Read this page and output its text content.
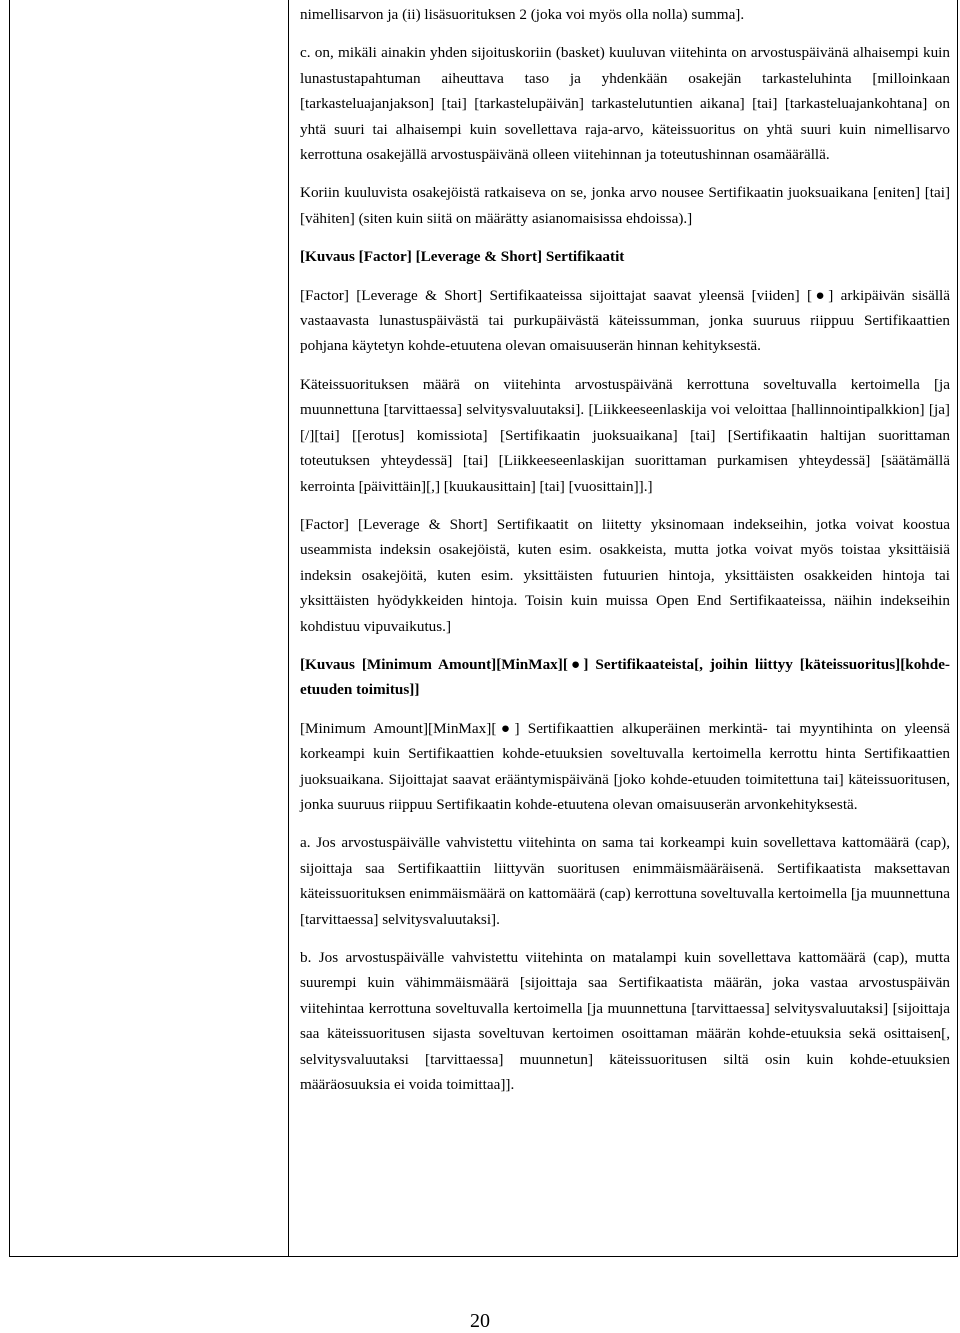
nimellisarvon ja (ii) lisäsuorituksen 2 (joka voi myös olla nolla) summa].

c. on, mikäli ainakin yhden sijoituskoriin (basket) kuuluvan viitehinta on arvostuspäivänä alhaisempi kuin lunastustapahtuman aiheuttava taso ja yhdenkään osakejän tarkasteluhinta [milloinkaan [tarkasteluajanjakson] [tai] [tarkastelupäivän] tarkastelutuntien aikana] [tai] [tarkasteluajankohtana] on yhtä suuri tai alhaisempi kuin sovellettava raja-arvo, käteissuoritus on yhtä suuri kuin nimellisarvo kerrottuna osakejällä arvostuspäivänä olleen viitehinnan ja toteutushinnan osamäärällä.

Koriin kuuluvista osakejöistä ratkaiseva on se, jonka arvo nousee Sertifikaatin juoksuaikana [eniten] [tai] [vähiten] (siten kuin siitä on määrätty asianomaisissa ehdoissa).]

[Kuvaus [Factor] [Leverage & Short] Sertifikaatit

[Factor] [Leverage & Short] Sertifikaateissa sijoittajat saavat yleensä [viiden] [●] arkipäivän sisällä vastaavasta lunastuspäivästä tai purkupäivästä käteissumman, jonka suuruus riippuu Sertifikaattien pohjana käytetyn kohde-etuutena olevan omaisuuserän hinnan kehityksestä.

Käteissuorituksen määrä on viitehinta arvostuspäivänä kerrottuna soveltuvalla kertoimella [ja muunnettuna [tarvittaessa] selvitysvaluutaksi]. [Liikkeeseenlaskija voi veloittaa [hallinnointipalkkion] [ja][/][tai] [[erotus] komissiota] [Sertifikaatin juoksuaikana] [tai] [Sertifikaatin haltijan suorittaman toteutuksen yhteydessä] [tai] [Liikkeeseenlaskijan suorittaman purkamisen yhteydessä] [säätämällä kerrointa [päivittäin][,] [kuukausittain] [tai] [vuosittain]].]

[Factor] [Leverage & Short] Sertifikaatit on liitetty yksinomaan indekseihin, jotka voivat koostua useammista indeksin osakejöistä, kuten esim. osakkeista, mutta jotka voivat myös toistaa yksittäisiä indeksin osakejöitä, kuten esim. yksittäisten futuurien hintoja, yksittäisten osakkeiden hintoja tai yksittäisten hyödykkeiden hintoja. Toisin kuin muissa Open End Sertifikaateissa, näihin indekseihin kohdistuu vipuvaikutus.]

[Kuvaus [Minimum Amount][MinMax][●] Sertifikaateista[, joihin liittyy [käteissuoritus][kohde-etuuden toimitus]]

[Minimum Amount][MinMax][●] Sertifikaattien alkuperäinen merkintä- tai myyntihinta on yleensä korkeampi kuin Sertifikaattien kohde-etuuksien soveltuvalla kertoimella kerrottu hinta Sertifikaattien juoksuaikana. Sijoittajat saavat erääntymispäivänä [joko kohde-etuuden toimitettuna tai] käteissuoritusen, jonka suuruus riippuu Sertifikaatin kohde-etuutena olevan omaisuuserän arvonkehityksestä.

a. Jos arvostuspäivälle vahvistettu viitehinta on sama tai korkeampi kuin sovellettava kattomäärä (cap), sijoittaja saa Sertifikaattiin liittyvän suoritusen enimmäismääräisenä. Sertifikaatista maksettavan käteissuorituksen enimmäismäärä on kattomäärä (cap) kerrottuna soveltuvalla kertoimella [ja muunnettuna [tarvittaessa] selvitysvaluutaksi].

b. Jos arvostuspäivälle vahvistettu viitehinta on matalampi kuin sovellettava kattomäärä (cap), mutta suurempi kuin vähimmäismäärä [sijoittaja saa Sertifikaatista määrän, joka vastaa arvostuspäivän viitehintaa kerrottuna soveltuvalla kertoimella [ja muunnettuna [tarvittaessa] selvitysvaluutaksi] [sijoittaja saa käteissuoritusen sijasta soveltuvan kertoimen osoittaman määrän kohde-etuuksia sekä osittaisen[, selvitysvaluutaksi [tarvittaessa] muunnetun] käteissuoritusen siltä osin kuin kohde-etuuksien määräosuuksia ei voida toimittaa]].

20
